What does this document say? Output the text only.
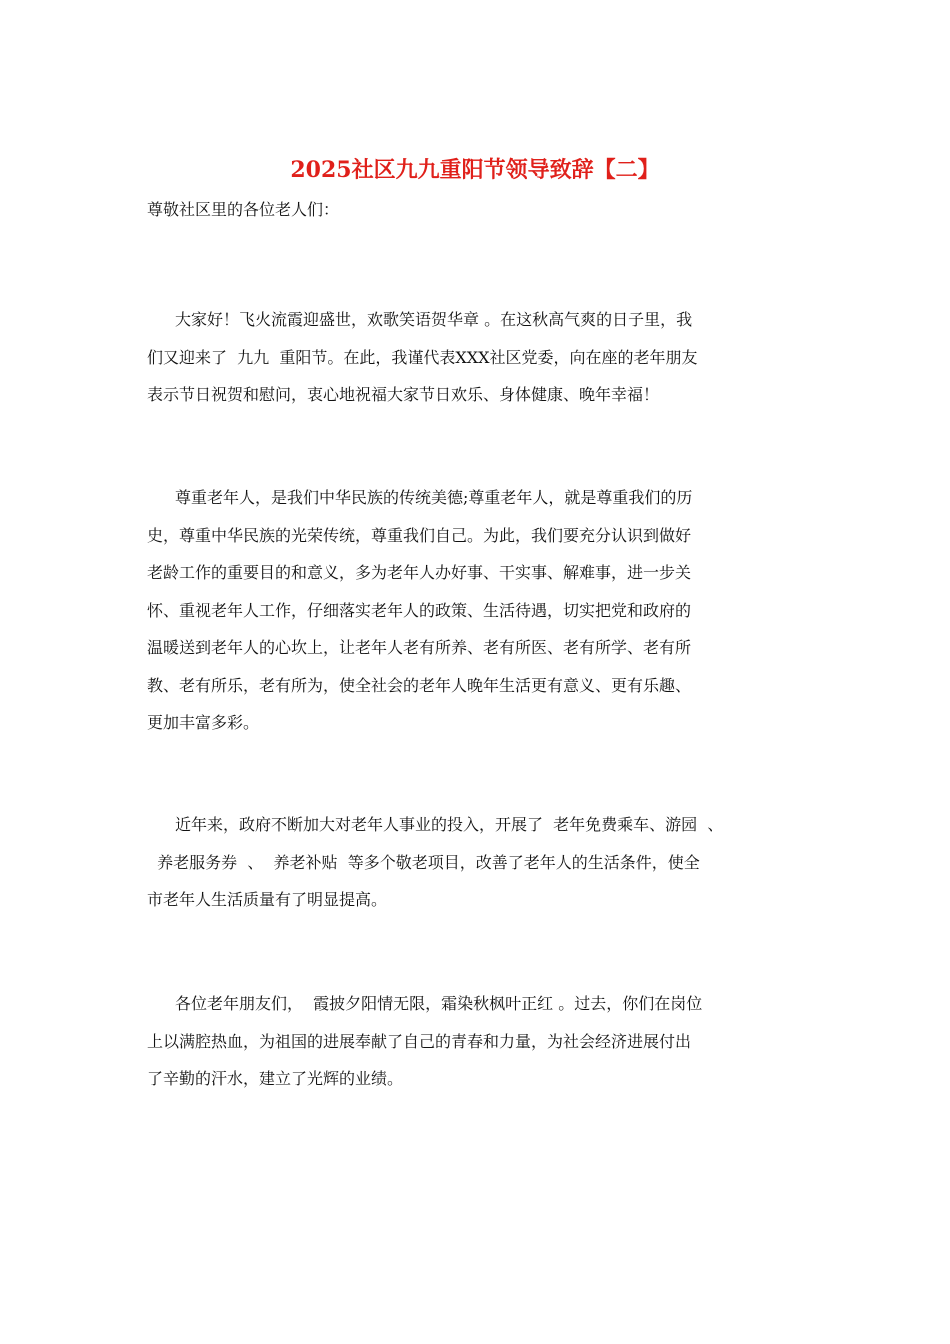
2025社区九九重阳节领导致辞【二】
尊敬社区里的各位老人们：
大家好！飞火流霞迎盛世，欢歌笑语贺华章 。在这秋高气爽的日子里，我
们又迎来了  九九  重阳节。在此，我谨代表XXX社区党委，向在座的老年朋友
表示节日祝贺和慰问，衷心地祝福大家节日欢乐、身体健康、晚年幸福！
尊重老年人，是我们中华民族的传统美德;尊重老年人，就是尊重我们的历
史，尊重中华民族的光荣传统，尊重我们自己。为此，我们要充分认识到做好
老龄工作的重要目的和意义，多为老年人办好事、干实事、解难事，进一步关
怀、重视老年人工作，仔细落实老年人的政策、生活待遇，切实把党和政府的
温暖送到老年人的心坎上，让老年人老有所养、老有所医、老有所学、老有所
教、老有所乐，老有所为，使全社会的老年人晚年生活更有意义、更有乐趣、
更加丰富多彩。
近年来，政府不断加大对老年人事业的投入，开展了  老年免费乘车、游园  、
养老服务券  、  养老补贴  等多个敬老项目，改善了老年人的生活条件，使全
市老年人生活质量有了明显提高。
各位老年朋友们，  霞披夕阳情无限，霜染秋枫叶正红 。过去，你们在岗位
上以满腔热血，为祖国的进展奉献了自己的青春和力量，为社会经济进展付出
了辛勤的汗水，建立了光辉的业绩。
